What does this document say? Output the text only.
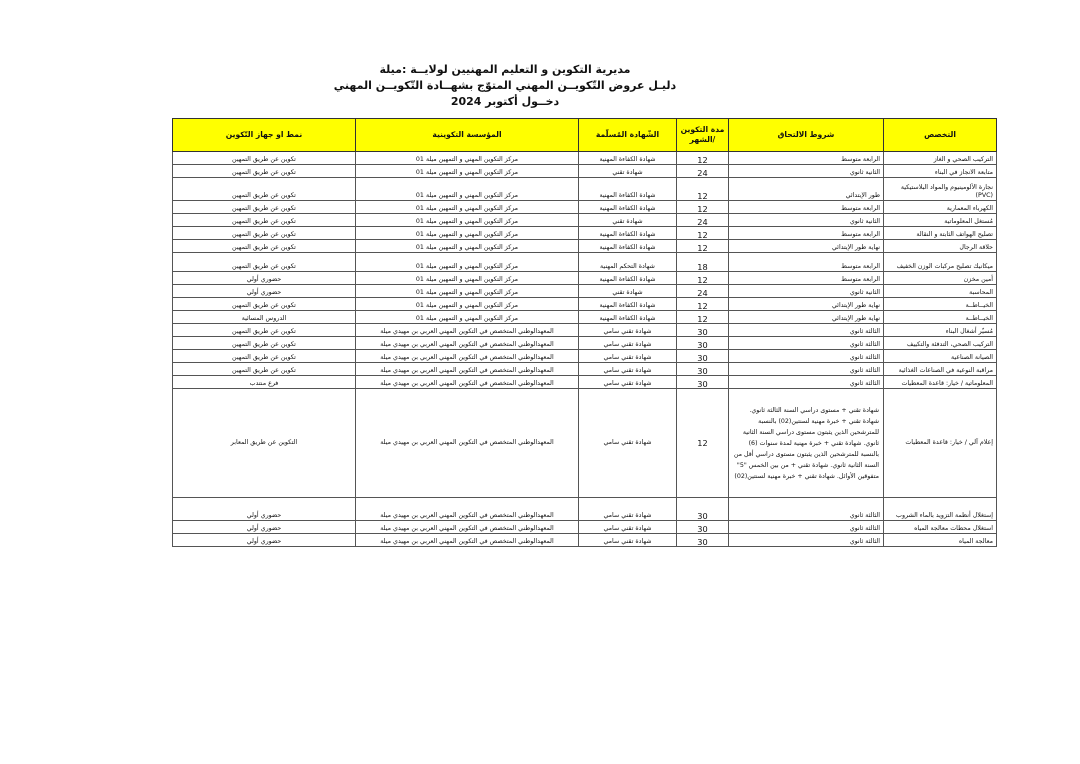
مديرية التكوين و التعليم المهنيين لولايــة :ميلة
دليـل عروض التّكويــن المهني المتوّج بشهــادة التّكويــن المهني
دخــول أكتوبر 2024
التخصص	شروط الالتحاق	مدة التكوين /الشهر	الشّهادة المُسلّمة	المؤسسة التكوينية	نمط او جهاز التّكوين
التركيب الصحي و الغاز	الرابعة متوسط	12	شهادة الكفاءة المهنية	مركز التكوين المهني و التمهين ميلة 01	تكوين عن طريق التمهين
متابعة الانجاز في البناء	الثانية ثانوي	24	شهادة تقني	مركز التكوين المهني و التمهين ميلة 01	تكوين عن طريق التمهين
نجارة الألومينيوم والمواد البلاستيكية (PVC)	طور الإبتدائي	12	شهادة الكفاءة المهنية	مركز التكوين المهني و التمهين ميلة 01	تكوين عن طريق التمهين
الكهرباء المعمارية	الرابعة متوسط	12	شهادة الكفاءة المهنية	مركز التكوين المهني و التمهين ميلة 01	تكوين عن طريق التمهين
مُستغل المعلوماتية	الثانية ثانوي	24	شهادة تقني	مركز التكوين المهني و التمهين ميلة 01	تكوين عن طريق التمهين
تصليح الهواتف الثابتة و النقالة	الرابعة متوسط	12	شهادة الكفاءة المهنية	مركز التكوين المهني و التمهين ميلة 01	تكوين عن طريق التمهين
حلاقة الرجال	نهاية طور الإبتدائي	12	شهادة الكفاءة المهنية	مركز التكوين المهني و التمهين ميلة 01	تكوين عن طريق التمهين
ميكانيك تصليح مركبات الوزن الخفيف	الرابعة متوسط	18	شهادة التحكم المهنية	مركز التكوين المهني و التمهين ميلة 01	تكوين عن طريق التمهين
أمين مخزن	الرابعة متوسط	12	شهادة الكفاءة المهنية	مركز التكوين المهني و التمهين ميلة 01	حضوري أولي
المحاسبة	الثانية ثانوي	24	شهادة تقني	مركز التكوين المهني و التمهين ميلة 01	حضوري أولي
الخيــاطــة	نهاية طور الإبتدائي	12	شهادة الكفاءة المهنية	مركز التكوين المهني و التمهين ميلة 01	تكوين عن طريق التمهين
الخيــاطــة	نهاية طور الإبتدائي	12	شهادة الكفاءة المهنية	مركز التكوين المهني و التمهين ميلة 01	الدروس المسائية
مُسيّر أشغال البناء	الثالثة ثانوي	30	شهادة تقني سامي	المعهدالوطني المتخصص في التكوين المهني العربي بن مهيدي ميلة	تكوين عن طريق التمهين
التركيب الصحي، التدفئة والتكييف	الثالثة ثانوي	30	شهادة تقني سامي	المعهدالوطني المتخصص في التكوين المهني العربي بن مهيدي ميلة	تكوين عن طريق التمهين
الصيانة الصناعية	الثالثة ثانوي	30	شهادة تقني سامي	المعهدالوطني المتخصص في التكوين المهني العربي بن مهيدي ميلة	تكوين عن طريق التمهين
مراقبة النوعية في الصناعات الغذائية	الثالثة ثانوي	30	شهادة تقني سامي	المعهدالوطني المتخصص في التكوين المهني العربي بن مهيدي ميلة	تكوين عن طريق التمهين
المعلوماتية / خيار: قاعدة المعطيات	الثالثة ثانوي	30	شهادة تقني سامي	المعهدالوطني المتخصص في التكوين المهني العربي بن مهيدي ميلة	فرع منتدب
إعلام آلي / خيار: قاعدة المعطيات	شهادة تقني + مستوى دراسي السنة الثالثة ثانوي. شهادة تقني + خبرة مهنية لسنتين(02) بالنسبة للمترشحين الذين يثبتون مستوى دراسي السنة الثانية ثانوي. شهادة تقني + خبرة مهنية لمدة سنوات (6) بالنسبة للمترشحين الذين يثبتون مستوى دراسي أقل من السنة الثانية ثانوي. شهادة تقني + من بين الخمس "5" متفوقين الأوائل. شهادة تقني + خبرة مهنية لسنتين(02)	12	شهادة تقني سامي	المعهدالوطني المتخصص في التكوين المهني العربي بن مهيدي ميلة	التكوين عن طريق المعابر
إستغلال أنظمة التزويد بالماء الشروب	الثالثة ثانوي	30	شهادة تقني سامي	المعهدالوطني المتخصص في التكوين المهني العربي بن مهيدي ميلة	حضوري أولي
استغلال محطات معالجة المياه	الثالثة ثانوي	30	شهادة تقني سامي	المعهدالوطني المتخصص في التكوين المهني العربي بن مهيدي ميلة	حضوري أولي
معالجة المياه	الثالثة ثانوي	30	شهادة تقني سامي	المعهدالوطني المتخصص في التكوين المهني العربي بن مهيدي ميلة	حضوري أولي
